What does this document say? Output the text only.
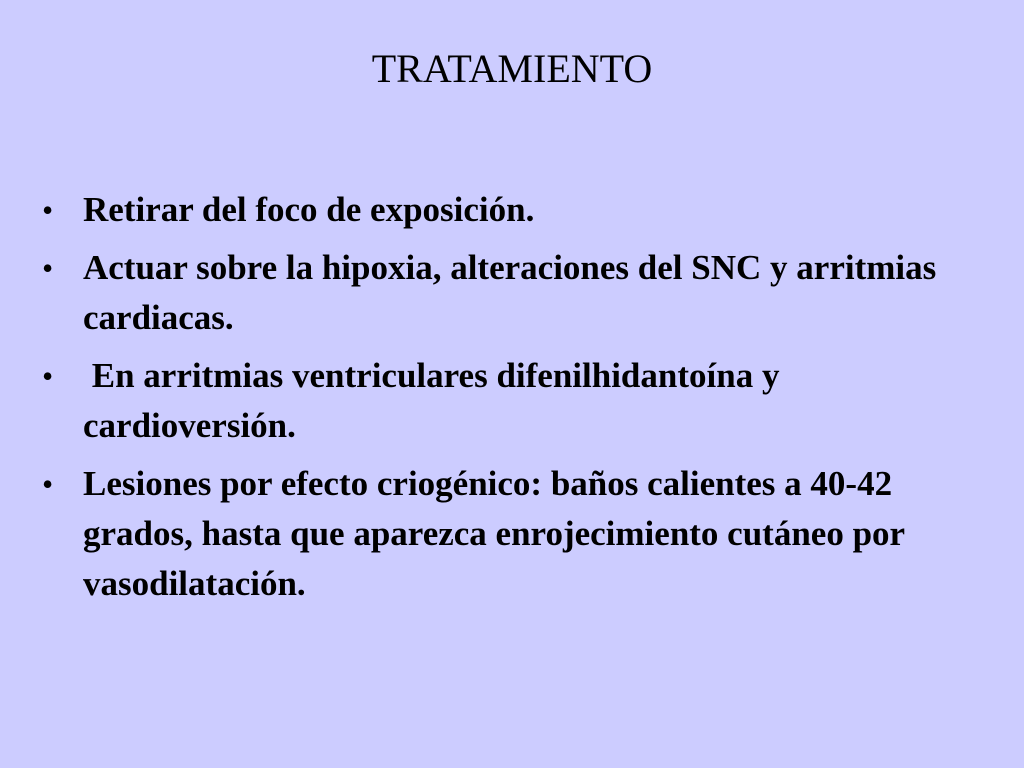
TRATAMIENTO
• Retirar del foco de exposición.
• Actuar sobre la hipoxia, alteraciones del SNC y arritmias cardiacas.
• En arritmias ventriculares difenilhidantoína y cardioversión.
• Lesiones por efecto criogénico: baños calientes a 40-42 grados, hasta que aparezca enrojecimiento cutáneo por vasodilatación.
